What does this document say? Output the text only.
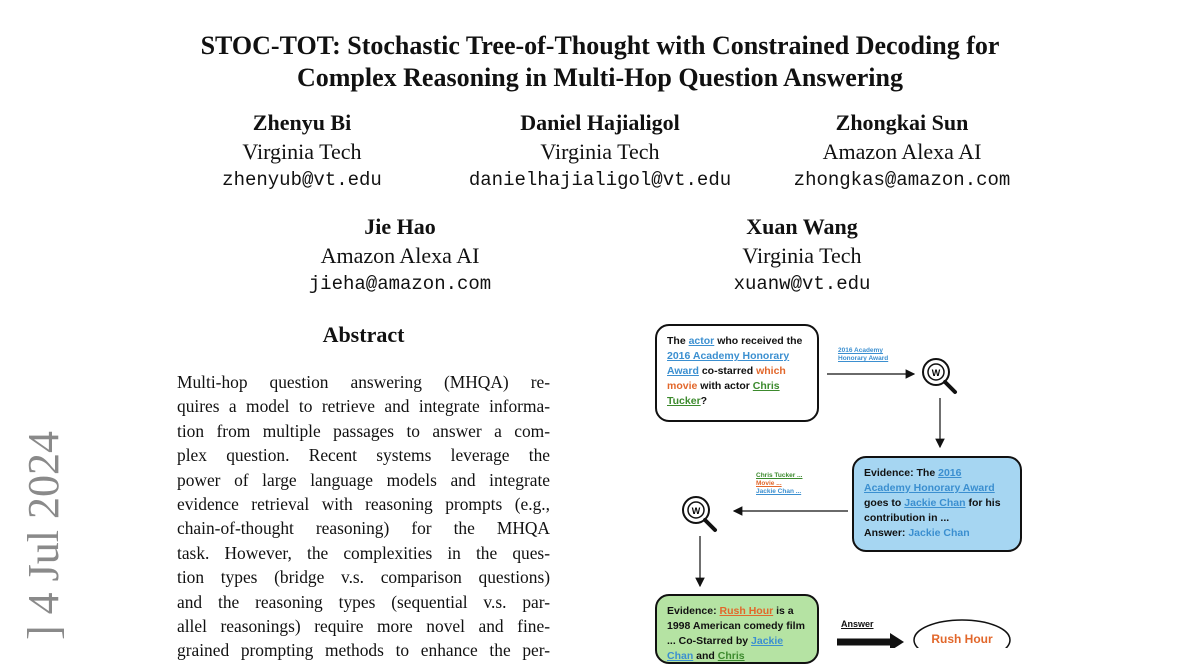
STOC-TOT: Stochastic Tree-of-Thought with Constrained Decoding for
Complex Reasoning in Multi-Hop Question Answering
Zhenyu Bi
Virginia Tech
zhenyub@vt.edu
Daniel Hajialigol
Virginia Tech
danielhajialigol@vt.edu
Zhongkai Sun
Amazon Alexa AI
zhongkas@amazon.com
Jie Hao
Amazon Alexa AI
jieha@amazon.com
Xuan Wang
Virginia Tech
xuanw@vt.edu
] 4 Jul 2024
Abstract
Multi-hop question answering (MHQA) re-
quires a model to retrieve and integrate informa-
tion from multiple passages to answer a com-
plex question. Recent systems leverage the
power of large language models and integrate
evidence retrieval with reasoning prompts (e.g.,
chain-of-thought reasoning) for the MHQA
task. However, the complexities in the ques-
tion types (bridge v.s. comparison questions)
and the reasoning types (sequential v.s. par-
allel reasonings) require more novel and fine-
grained prompting methods to enhance the per-
W
W
The actor who received the 2016 Academy Honorary Award co-starred which movie with actor Chris Tucker?
2016 Academy Honorary Award
Evidence: The 2016 Academy Honorary Award goes to Jackie Chan for his contribution in ...
Answer: Jackie Chan
Chris Tucker ...
Movie ...
Jackie Chan ...
Evidence: Rush Hour is a 1998 American comedy film ... Co-Starred by Jackie Chan and Chris
Answer
Rush Hour
